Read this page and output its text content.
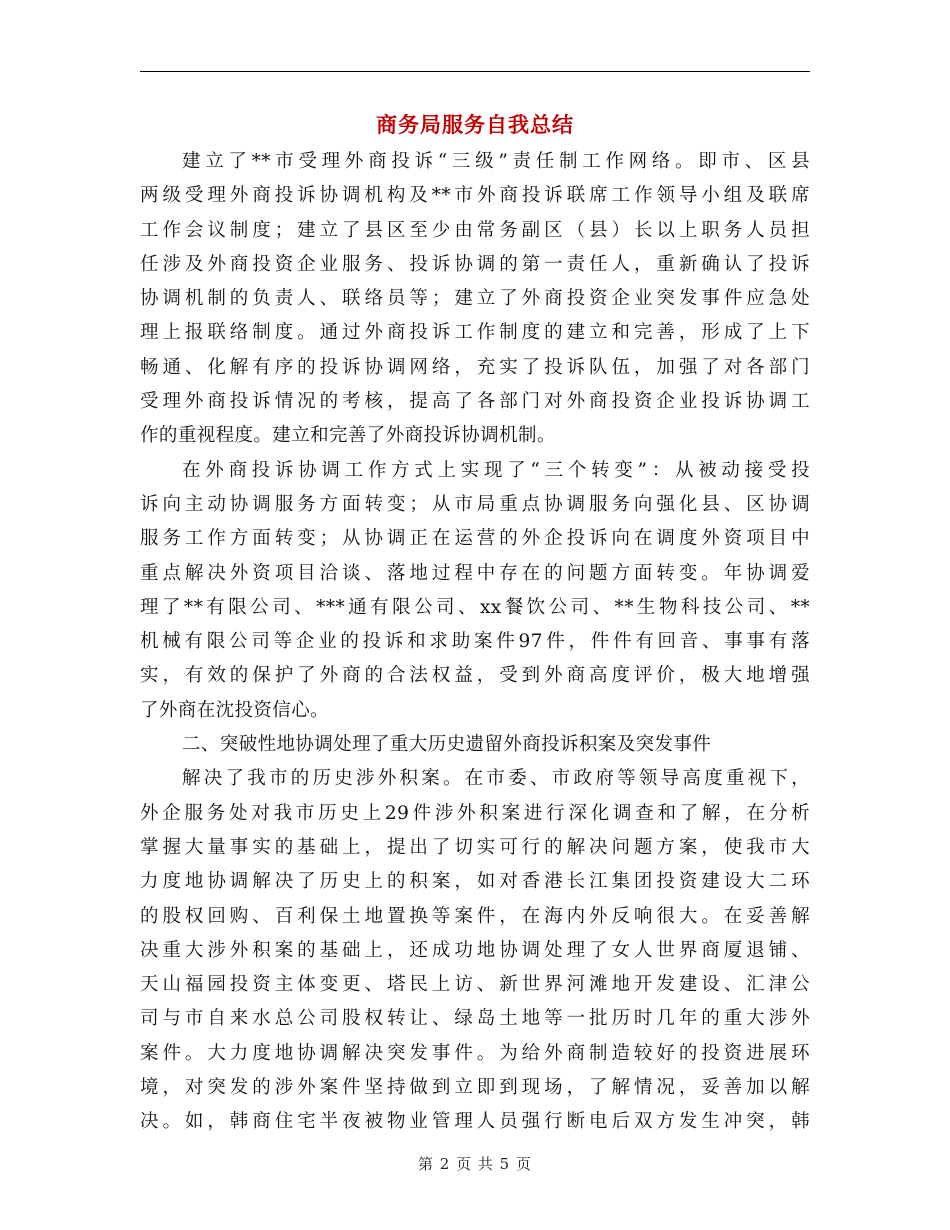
商务局服务自我总结
建立了**市受理外商投诉“三级”责任制工作网络。即市、区县
两级受理外商投诉协调机构及**市外商投诉联席工作领导小组及联席
工作会议制度；建立了县区至少由常务副区（县）长以上职务人员担
任涉及外商投资企业服务、投诉协调的第一责任人，重新确认了投诉
协调机制的负责人、联络员等；建立了外商投资企业突发事件应急处
理上报联络制度。通过外商投诉工作制度的建立和完善，形成了上下
畅通、化解有序的投诉协调网络，充实了投诉队伍，加强了对各部门
受理外商投诉情况的考核，提高了各部门对外商投资企业投诉协调工
作的重视程度。建立和完善了外商投诉协调机制。
在外商投诉协调工作方式上实现了“三个转变”：从被动接受投
诉向主动协调服务方面转变；从市局重点协调服务向强化县、区协调
服务工作方面转变；从协调正在运营的外企投诉向在调度外资项目中
重点解决外资项目洽谈、落地过程中存在的问题方面转变。年协调爱
理了**有限公司、***通有限公司、xx餐饮公司、**生物科技公司、**
机械有限公司等企业的投诉和求助案件97件，件件有回音、事事有落
实，有效的保护了外商的合法权益，受到外商高度评价，极大地增强
了外商在沈投资信心。
二、突破性地协调处理了重大历史遗留外商投诉积案及突发事件
解决了我市的历史涉外积案。在市委、市政府等领导高度重视下，
外企服务处对我市历史上29件涉外积案进行深化调查和了解，在分析
掌握大量事实的基础上，提出了切实可行的解决问题方案，使我市大
力度地协调解决了历史上的积案，如对香港长江集团投资建设大二环
的股权回购、百利保土地置换等案件，在海内外反响很大。在妥善解
决重大涉外积案的基础上，还成功地协调处理了女人世界商厦退铺、
天山福园投资主体变更、塔民上访、新世界河滩地开发建设、汇津公
司与市自来水总公司股权转让、绿岛土地等一批历时几年的重大涉外
案件。大力度地协调解决突发事件。为给外商制造较好的投资进展环
境，对突发的涉外案件坚持做到立即到现场，了解情况，妥善加以解
决。如，韩商住宅半夜被物业管理人员强行断电后双方发生冲突，韩
第 2 页 共 5 页
